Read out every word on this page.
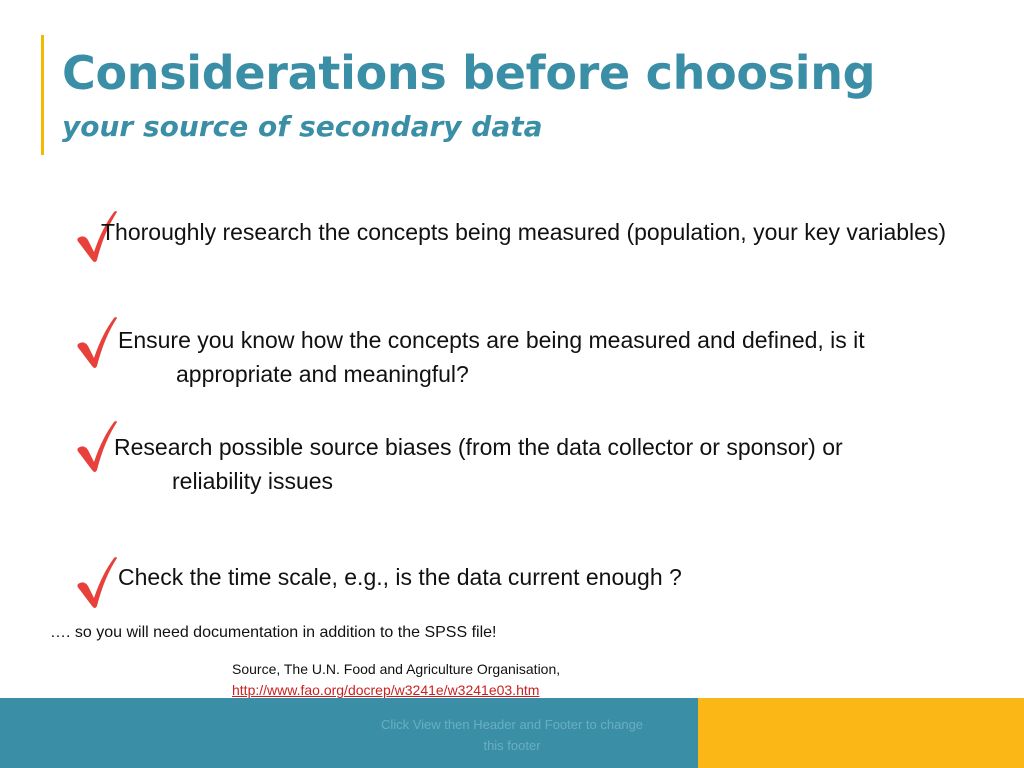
Considerations before choosing
your source of secondary data

Thoroughly research the concepts being measured (population, your key variables)

Ensure you know how the concepts are being measured and defined, is it appropriate and meaningful?

Research possible source biases (from the data collector or sponsor) or reliability issues

Check the time scale, e.g., is the data current enough ?

…. so you will need documentation in addition to the SPSS file!

Source, The U.N. Food and Agriculture Organisation,
http://www.fao.org/docrep/w3241e/w3241e03.htm

Click View then Header and Footer to change this footer
